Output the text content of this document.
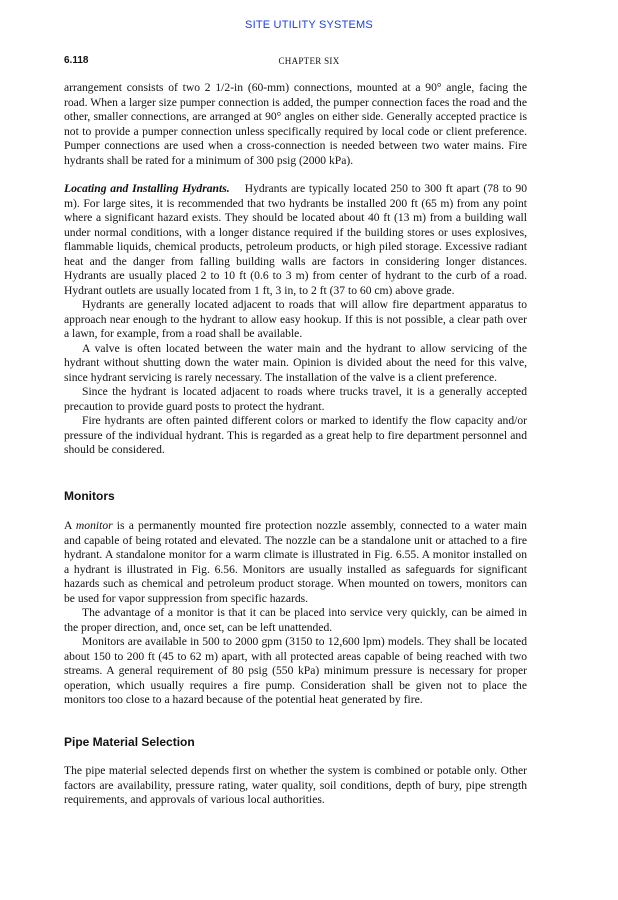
SITE UTILITY SYSTEMS
6.118	CHAPTER SIX

arrangement consists of two 2 1/2-in (60-mm) connections, mounted at a 90° angle, facing the road. When a larger size pumper connection is added, the pumper connection faces the road and the other, smaller connections, are arranged at 90° angles on either side. Generally accepted practice is not to provide a pumper connection unless specifically required by local code or client preference. Pumper connections are used when a cross-connection is needed between two water mains. Fire hydrants shall be rated for a minimum of 300 psig (2000 kPa).

Locating and Installing Hydrants. Hydrants are typically located 250 to 300 ft apart (78 to 90 m). For large sites, it is recommended that two hydrants be installed 200 ft (65 m) from any point where a significant hazard exists. They should be located about 40 ft (13 m) from a building wall under normal conditions, with a longer distance required if the building stores or uses explosives, flammable liquids, chemical products, petroleum products, or high piled storage. Excessive radiant heat and the danger from falling building walls are factors in considering longer distances. Hydrants are usually placed 2 to 10 ft (0.6 to 3 m) from center of hydrant to the curb of a road. Hydrant outlets are usually located from 1 ft, 3 in, to 2 ft (37 to 60 cm) above grade.

Hydrants are generally located adjacent to roads that will allow fire department apparatus to approach near enough to the hydrant to allow easy hookup. If this is not possible, a clear path over a lawn, for example, from a road shall be available.

A valve is often located between the water main and the hydrant to allow servicing of the hydrant without shutting down the water main. Opinion is divided about the need for this valve, since hydrant servicing is rarely necessary. The installation of the valve is a client preference.

Since the hydrant is located adjacent to roads where trucks travel, it is a generally accepted precaution to provide guard posts to protect the hydrant.

Fire hydrants are often painted different colors or marked to identify the flow capacity and/or pressure of the individual hydrant. This is regarded as a great help to fire department personnel and should be considered.

Monitors

A monitor is a permanently mounted fire protection nozzle assembly, connected to a water main and capable of being rotated and elevated. The nozzle can be a standalone unit or attached to a fire hydrant. A standalone monitor for a warm climate is illustrated in Fig. 6.55. A monitor installed on a hydrant is illustrated in Fig. 6.56. Monitors are usually installed as safeguards for significant hazards such as chemical and petroleum product storage. When mounted on towers, monitors can be used for vapor suppression from specific hazards.

The advantage of a monitor is that it can be placed into service very quickly, can be aimed in the proper direction, and, once set, can be left unattended.

Monitors are available in 500 to 2000 gpm (3150 to 12,600 lpm) models. They shall be located about 150 to 200 ft (45 to 62 m) apart, with all protected areas capable of being reached with two streams. A general requirement of 80 psig (550 kPa) minimum pressure is necessary for proper operation, which usually requires a fire pump. Consideration shall be given not to place the monitors too close to a hazard because of the potential heat generated by fire.

Pipe Material Selection

The pipe material selected depends first on whether the system is combined or potable only. Other factors are availability, pressure rating, water quality, soil conditions, depth of bury, pipe strength requirements, and approvals of various local authorities.
